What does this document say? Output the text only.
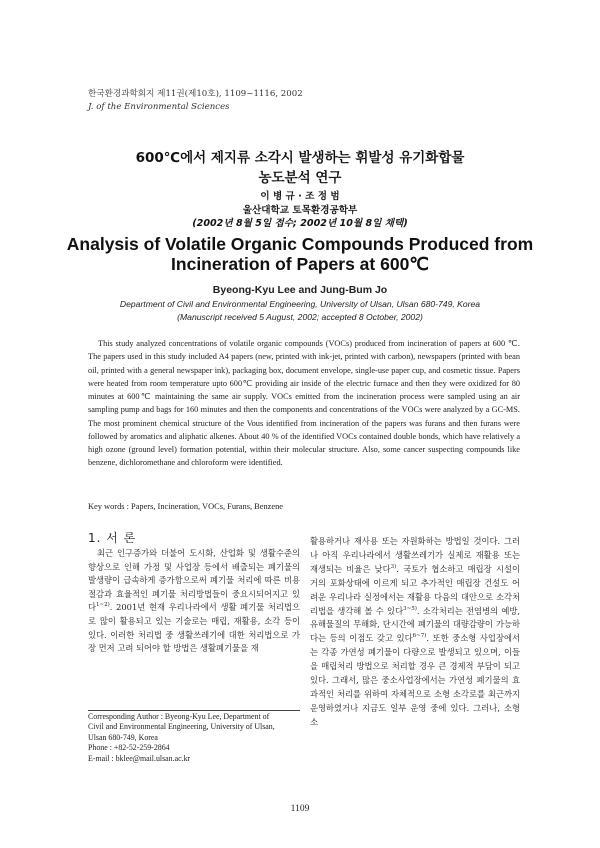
한국환경과학회지 제11권(제10호), 1109~1116, 2002
J. of the Environmental Sciences
600℃에서 제지류 소각시 발생하는 휘발성 유기화합물
농도분석 연구
이 병 규 · 조 정 범
울산대학교 토목환경공학부
(2002년 8월 5일 접수; 2002년 10월 8일 채택)
Analysis of Volatile Organic Compounds Produced from
Incineration of Papers at 600℃
Byeong-Kyu Lee and Jung-Bum Jo
Department of Civil and Environmental Engineering, University of Ulsan, Ulsan 680-749, Korea
(Manuscript received 5 August, 2002; accepted 8 October, 2002)

This study analyzed concentrations of volatile organic compounds (VOCs) produced from incineration of papers at 600 ℃. The papers used in this study included A4 papers (new, printed with ink-jet, printed with carbon), newspapers (printed with bean oil, printed with a general newspaper ink), packaging box, document envelope, single-use paper cup, and cosmetic tissue. Papers were heated from room temperature upto 600℃ providing air inside of the electric furnace and then they were oxidized for 80 minutes at 600℃ maintaining the same air supply. VOCs emitted from the incineration process were sampled using an air sampling pump and bags for 160 minutes and then the components and concentrations of the VOCs were analyzed by a GC-MS. The most prominent chemical structure of the Vous identified from incineration of the papers was furans and then furans were followed by aromatics and aliphatic alkenes. About 40 % of the identified VOCs contained double bonds, which have relatively a high ozone (ground level) formation potential, within their molecular structure. Also, some cancer suspecting compounds like benzene, dichloromethane and chloroform were identified.

Key words : Papers, Incineration, VOCs, Furans, Benzene
1. 서 론

최근 인구증가와 더불어 도시화, 산업화 및 생활수준의 향상으로 인해 가정 및 사업장 등에서 배출되는 폐기물의 발생량이 급속하게 증가함으로써 폐기물 처리에 따른 비용절감과 효율적인 폐기물 처리방법들이 중요시되어지고 있다$^{1\sim 2)}$. 2001년 현재 우리나라에서 생활 폐기물 처리법으로 많이 활용되고 있는 기술로는 매립, 재활용, 소각 등이 있다. 이러한 처리법 중 생활쓰레기에 대한 처리법으로 가장 먼저 고려 되어야 할 방법은 생활폐기물을 재

활용하거나 재사용 또는 자원화하는 방법일 것이다. 그러나 아직 우리나라에서 생활쓰레기가 실제로 재활용 또는 재생되는 비율은 낮다$^{3)}$. 국토가 협소하고 매립장 시설이 거의 포화상태에 이르게 되고 추가적인 매립장 건설도 어려운 우리나라 실정에서는 재활용 다음의 대안으로 소각처리법을 생각해 볼 수 있다$^{3\sim 5)}$. 소각처리는 전염병의 예방, 유해물질의 무해화, 단시간에 폐기물의 대량감량이 가능하다는 등의 이점도 갖고 있다$^{6\sim 7)}$. 또한 중소형 사업장에서는 각종 가연성 폐기물이 다량으로 발생되고 있으며, 이들을 매립처리 방법으로 처리할 경우 큰 경제적 부담이 되고 있다. 그래서, 많은 중소사업장에서는 가연성 폐기물의 효과적인 처리를 위하여 자체적으로 소형 소각로를 최근까지 운영하였거나 지금도 일부 운영 중에 있다. 그러나, 소형 소

Corresponding Author : Byeong-Kyu Lee, Department of
Civil and Environmental Engineering, University of Ulsan,
Ulsan 680-749, Korea
Phone : +82-52-259-2864
E-mail : bklee@mail.ulsan.ac.kr
1109
